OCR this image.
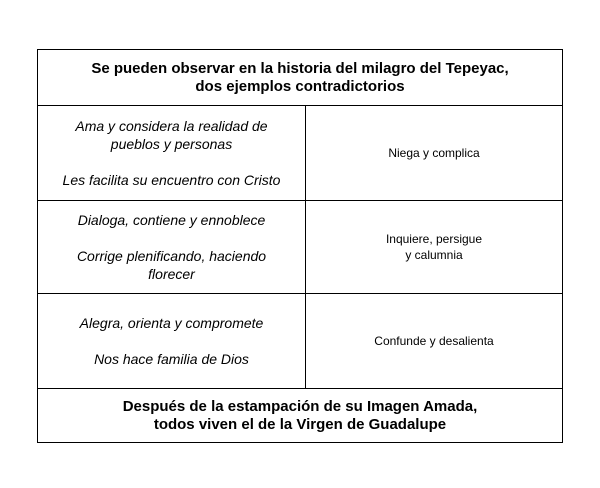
Se pueden observar en la historia del milagro del Tepeyac,
dos ejemplos contradictorios
Ama y considera la realidad de
pueblos y personas
Les facilita su encuentro con Cristo
Niega y complica
Dialoga, contiene y ennoblece
Corrige plenificando, haciendo
florecer
Inquiere, persigue
y calumnia
Alegra, orienta y compromete
Nos hace familia de Dios
Confunde y desalienta
Después de la estampación de su Imagen Amada,
todos viven el de la Virgen de Guadalupe
